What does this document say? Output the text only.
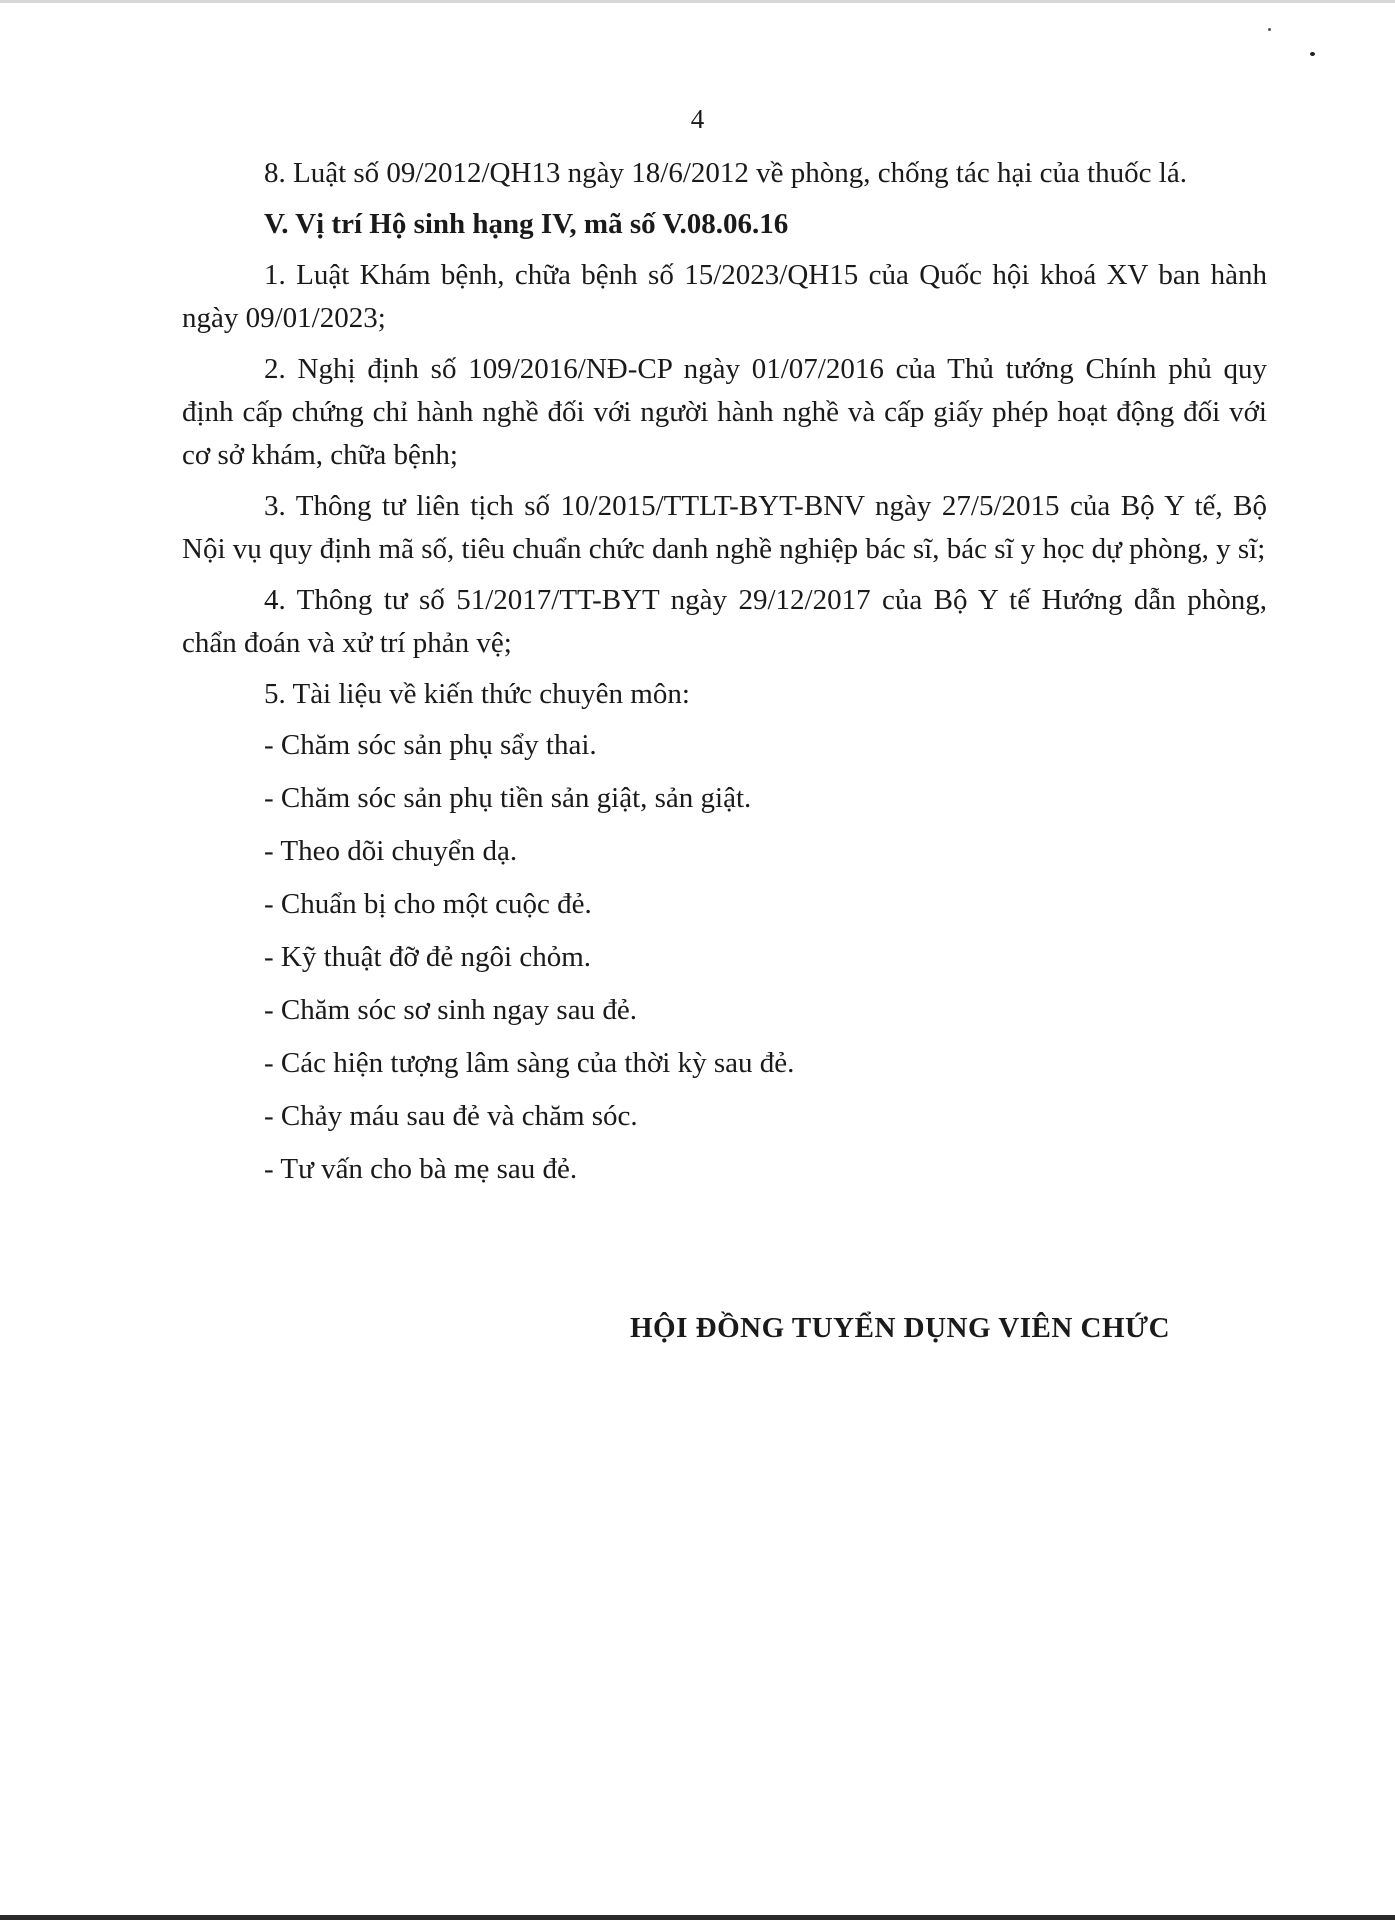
4

8. Luật số 09/2012/QH13 ngày 18/6/2012 về phòng, chống tác hại của thuốc lá.

V. Vị trí Hộ sinh hạng IV, mã số V.08.06.16

1. Luật Khám bệnh, chữa bệnh số 15/2023/QH15 của Quốc hội khoá XV ban hành ngày 09/01/2023;

2. Nghị định số 109/2016/NĐ-CP ngày 01/07/2016 của Thủ tướng Chính phủ quy định cấp chứng chỉ hành nghề đối với người hành nghề và cấp giấy phép hoạt động đối với cơ sở khám, chữa bệnh;

3. Thông tư liên tịch số 10/2015/TTLT-BYT-BNV ngày 27/5/2015 của Bộ Y tế, Bộ Nội vụ quy định mã số, tiêu chuẩn chức danh nghề nghiệp bác sĩ, bác sĩ y học dự phòng, y sĩ;

4. Thông tư số 51/2017/TT-BYT ngày 29/12/2017 của Bộ Y tế Hướng dẫn phòng, chẩn đoán và xử trí phản vệ;

5. Tài liệu về kiến thức chuyên môn:

- Chăm sóc sản phụ sẩy thai.

- Chăm sóc sản phụ tiền sản giật, sản giật.

- Theo dõi chuyển dạ.

- Chuẩn bị cho một cuộc đẻ.

- Kỹ thuật đỡ đẻ ngôi chỏm.

- Chăm sóc sơ sinh ngay sau đẻ.

- Các hiện tượng lâm sàng của thời kỳ sau đẻ.

- Chảy máu sau đẻ và chăm sóc.

- Tư vấn cho bà mẹ sau đẻ.

HỘI ĐỒNG TUYỂN DỤNG VIÊN CHỨC
